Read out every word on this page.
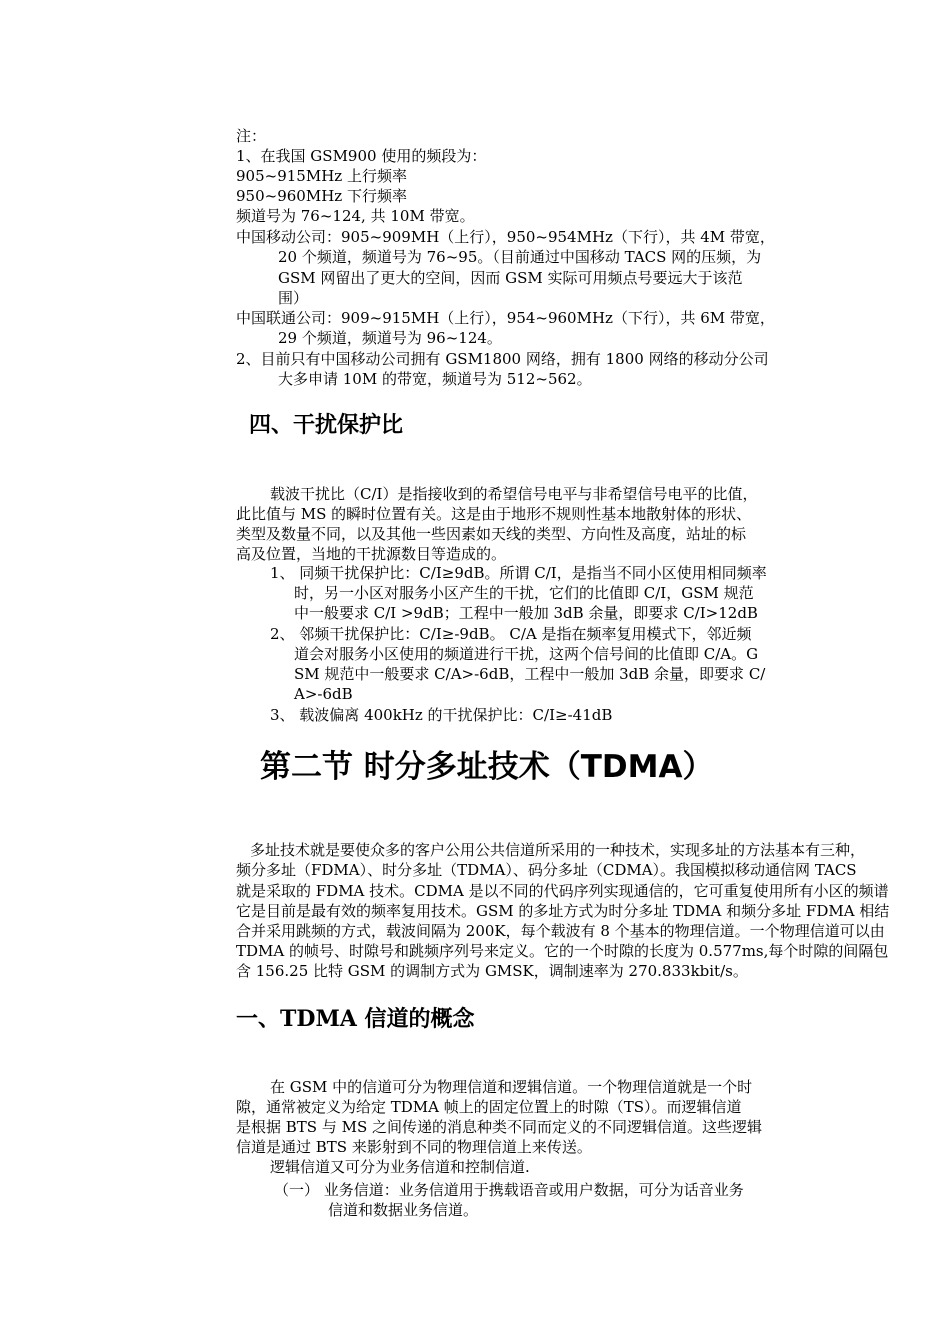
注：
1、在我国 GSM900 使用的频段为：
905~915MHz 上行频率
950~960MHz 下行频率
频道号为 76~124, 共 10M 带宽。
中国移动公司：905~909MH（上行），950~954MHz（下行），共 4M 带宽，
20 个频道，频道号为 76~95。（目前通过中国移动 TACS 网的压频，为
GSM 网留出了更大的空间，因而 GSM 实际可用频点号要远大于该范
围）
中国联通公司：909~915MH（上行），954~960MHz（下行），共 6M 带宽，
29 个频道，频道号为 96~124。
2、目前只有中国移动公司拥有 GSM1800 网络，拥有 1800 网络的移动分公司
大多申请 10M 的带宽，频道号为 512~562。
四、干扰保护比
载波干扰比（C/I）是指接收到的希望信号电平与非希望信号电平的比值，
此比值与 MS 的瞬时位置有关。这是由于地形不规则性基本地散射体的形状、
类型及数量不同，以及其他一些因素如天线的类型、方向性及高度，站址的标
高及位置，当地的干扰源数目等造成的。
1、 同频干扰保护比：C/I≥9dB。所谓 C/I，是指当不同小区使用相同频率
时，另一小区对服务小区产生的干扰，它们的比值即 C/I，GSM 规范
中一般要求 C/I >9dB；工程中一般加 3dB 余量，即要求 C/I>12dB
2、 邻频干扰保护比：C/I≥-9dB。 C/A 是指在频率复用模式下，邻近频
道会对服务小区使用的频道进行干扰，这两个信号间的比值即 C/A。G
SM 规范中一般要求 C/A>-6dB，工程中一般加 3dB 余量，即要求 C/
A>-6dB
3、 载波偏离 400kHz 的干扰保护比：C/I≥-41dB
第二节 时分多址技术（TDMA）
多址技术就是要使众多的客户公用公共信道所采用的一种技术，实现多址的方法基本有三种，
频分多址（FDMA）、时分多址（TDMA）、码分多址（CDMA）。我国模拟移动通信网 TACS
就是采取的 FDMA 技术。CDMA 是以不同的代码序列实现通信的，它可重复使用所有小区的频谱
它是目前是最有效的频率复用技术。GSM 的多址方式为时分多址 TDMA 和频分多址 FDMA 相结
合并采用跳频的方式，载波间隔为 200K，每个载波有 8 个基本的物理信道。一个物理信道可以由
TDMA 的帧号、时隙号和跳频序列号来定义。它的一个时隙的长度为 0.577ms,每个时隙的间隔包
含 156.25 比特 GSM 的调制方式为 GMSK，调制速率为 270.833kbit/s。
一、TDMA 信道的概念
在 GSM 中的信道可分为物理信道和逻辑信道。一个物理信道就是一个时
隙，通常被定义为给定 TDMA 帧上的固定位置上的时隙（TS）。而逻辑信道
是根据 BTS 与 MS 之间传递的消息种类不同而定义的不同逻辑信道。这些逻辑
信道是通过 BTS 来影射到不同的物理信道上来传送。
逻辑信道又可分为业务信道和控制信道.
（一） 业务信道：业务信道用于携载语音或用户数据，可分为话音业务
信道和数据业务信道。
